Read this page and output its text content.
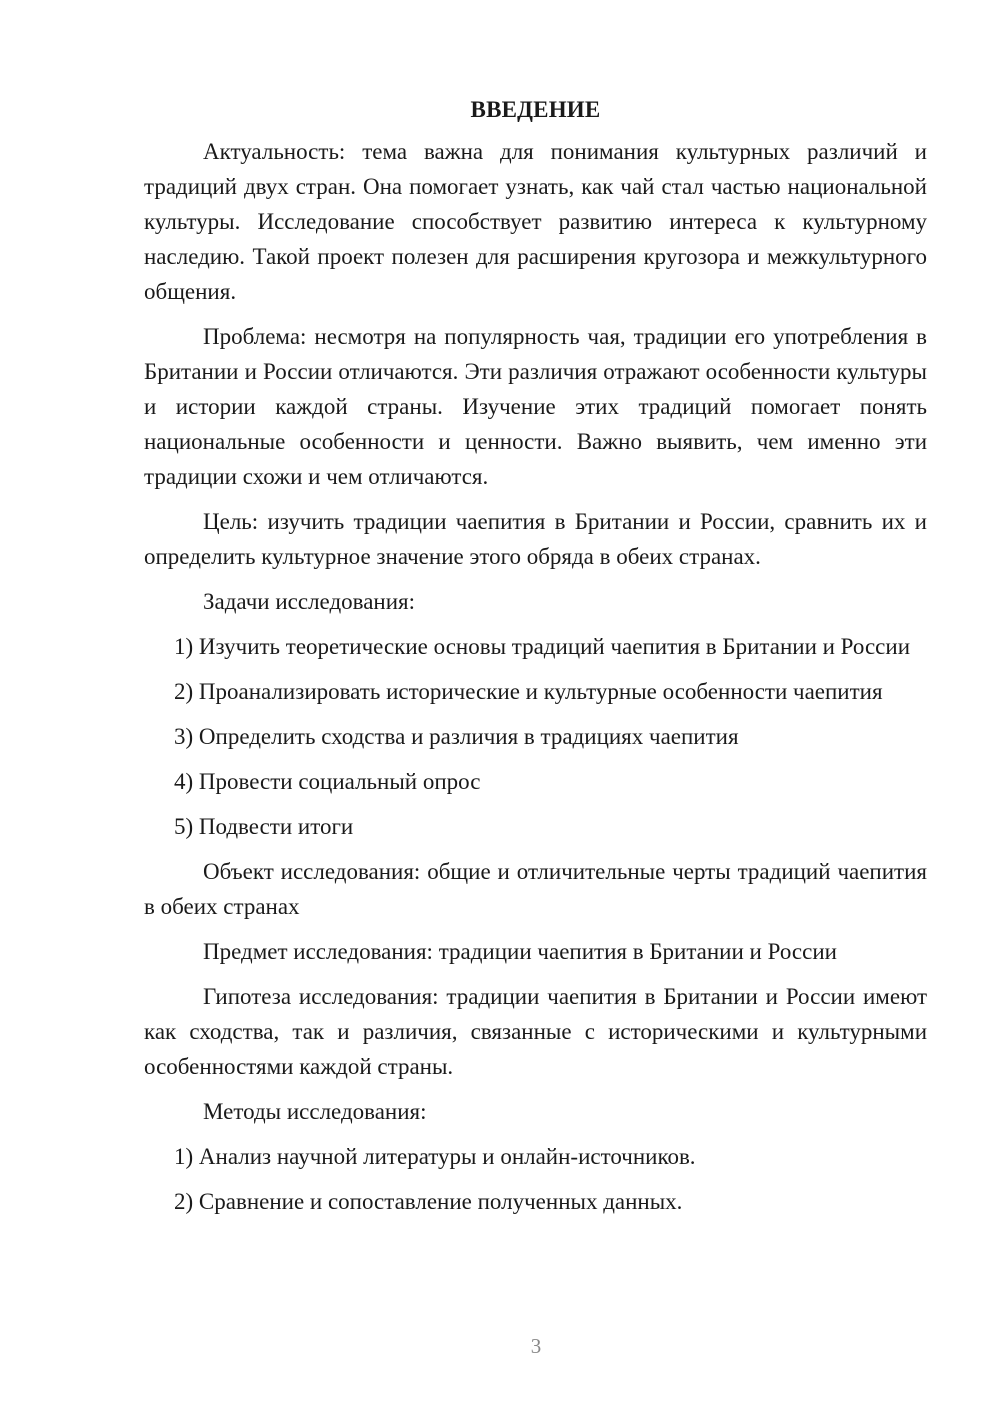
ВВЕДЕНИЕ

Актуальность: тема важна для понимания культурных различий и традиций двух стран. Она помогает узнать, как чай стал частью национальной культуры. Исследование способствует развитию интереса к культурному наследию. Такой проект полезен для расширения кругозора и межкультурного общения.

Проблема: несмотря на популярность чая, традиции его употребления в Британии и России отличаются. Эти различия отражают особенности культуры и истории каждой страны. Изучение этих традиций помогает понять национальные особенности и ценности. Важно выявить, чем именно эти традиции схожи и чем отличаются.

Цель: изучить традиции чаепития в Британии и России, сравнить их и определить культурное значение этого обряда в обеих странах.

Задачи исследования:

1) Изучить теоретические основы традиций чаепития в Британии и России

2) Проанализировать исторические и культурные особенности чаепития

3) Определить сходства и различия в традициях чаепития

4) Провести социальный опрос

5) Подвести итоги

Объект исследования: общие и отличительные черты традиций чаепития в обеих странах

Предмет исследования: традиции чаепития в Британии и России

Гипотеза исследования: традиции чаепития в Британии и России имеют как сходства, так и различия, связанные с историческими и культурными особенностями каждой страны.

Методы исследования:

1) Анализ научной литературы и онлайн-источников.

2) Сравнение и сопоставление полученных данных.

3
